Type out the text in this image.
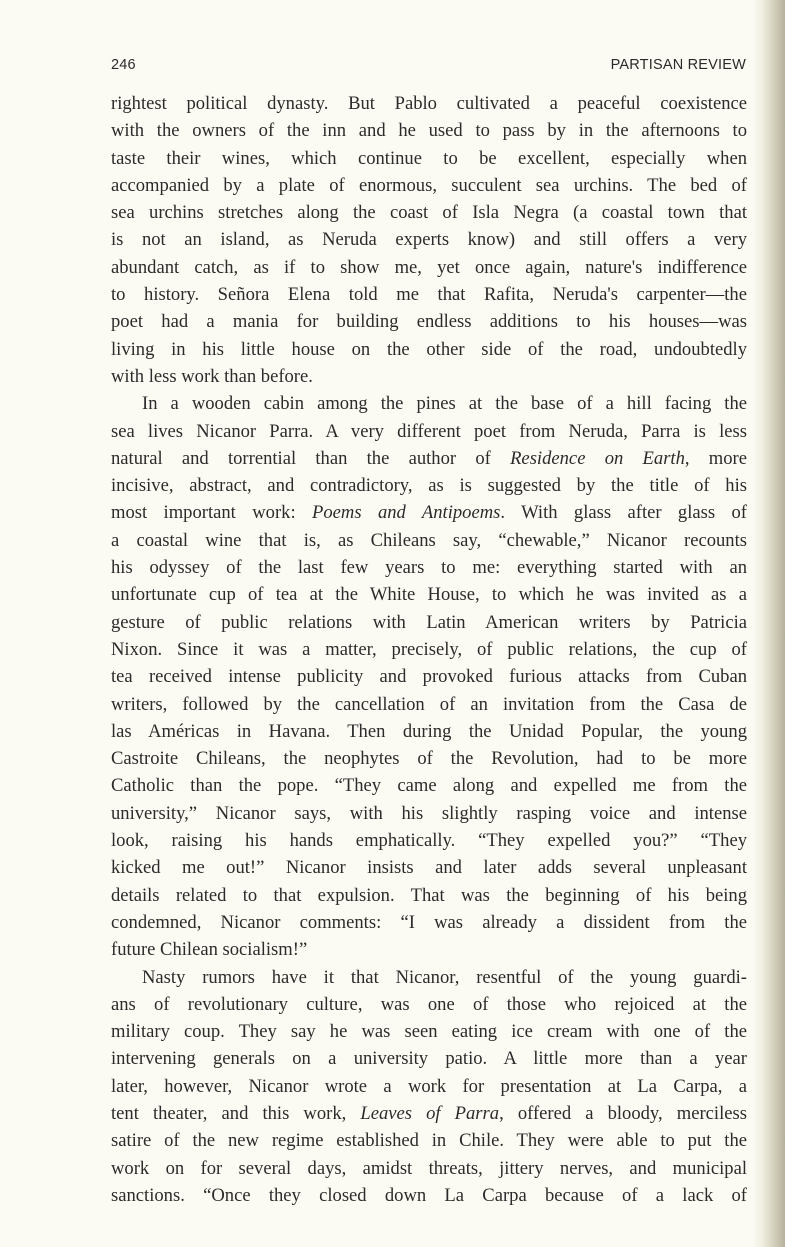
246	PARTISAN REVIEW
rightest political dynasty. But Pablo cultivated a peaceful coexistence
with the owners of the inn and he used to pass by in the afternoons to
taste their wines, which continue to be excellent, especially when
accompanied by a plate of enormous, succulent sea urchins. The bed of
sea urchins stretches along the coast of Isla Negra (a coastal town that
is not an island, as Neruda experts know) and still offers a very
abundant catch, as if to show me, yet once again, nature's indifference
to history. Señora Elena told me that Rafita, Neruda's carpenter—the
poet had a mania for building endless additions to his houses—was
living in his little house on the other side of the road, undoubtedly
with less work than before.
In a wooden cabin among the pines at the base of a hill facing the
sea lives Nicanor Parra. A very different poet from Neruda, Parra is less
natural and torrential than the author of Residence on Earth, more
incisive, abstract, and contradictory, as is suggested by the title of his
most important work: Poems and Antipoems. With glass after glass of
a coastal wine that is, as Chileans say, “chewable,” Nicanor recounts
his odyssey of the last few years to me: everything started with an
unfortunate cup of tea at the White House, to which he was invited as a
gesture of public relations with Latin American writers by Patricia
Nixon. Since it was a matter, precisely, of public relations, the cup of
tea received intense publicity and provoked furious attacks from Cuban
writers, followed by the cancellation of an invitation from the Casa de
las Américas in Havana. Then during the Unidad Popular, the young
Castroite Chileans, the neophytes of the Revolution, had to be more
Catholic than the pope. “They came along and expelled me from the
university,” Nicanor says, with his slightly rasping voice and intense
look, raising his hands emphatically. “They expelled you?” “They
kicked me out!” Nicanor insists and later adds several unpleasant
details related to that expulsion. That was the beginning of his being
condemned, Nicanor comments: “I was already a dissident from the
future Chilean socialism!”
Nasty rumors have it that Nicanor, resentful of the young guardi-
ans of revolutionary culture, was one of those who rejoiced at the
military coup. They say he was seen eating ice cream with one of the
intervening generals on a university patio. A little more than a year
later, however, Nicanor wrote a work for presentation at La Carpa, a
tent theater, and this work, Leaves of Parra, offered a bloody, merciless
satire of the new regime established in Chile. They were able to put the
work on for several days, amidst threats, jittery nerves, and municipal
sanctions. “Once they closed down La Carpa because of a lack of
